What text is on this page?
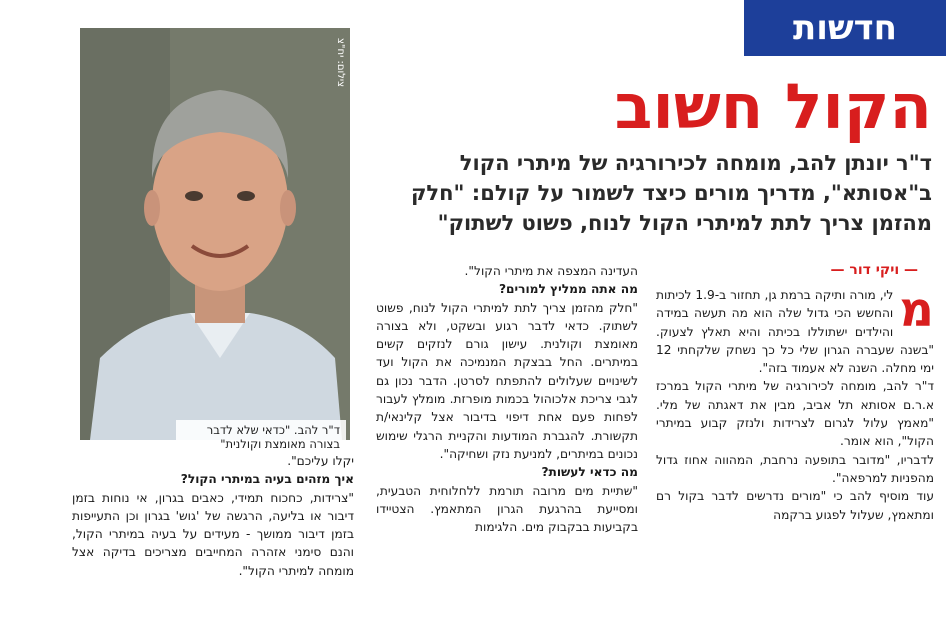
חדשות
הקול חשוב

ד"ר יונתן להב, מומחה לכירורגיה של מיתרי הקול ב"אסותא", מדריך מורים כיצד לשמור על קולם: "חלק מהזמן צריך לתת למיתרי הקול לנוח, פשוט לשתוק"

צילום: יח"צ
ד"ר להב. "כדאי שלא לדבר בצורה מאומצת וקולנית"
— ויקי דור —
מ

לי, מורה ותיקה ברמת גן, תחזור ב-1.9 לכיתות והחשש הכי גדול שלה הוא מה תעשה במידה והילדים ישתוללו בכיתה והיא תאלץ לצעוק. "בשנה שעברה הגרון שלי כל כך נשחק שלקחתי 12 ימי מחלה. השנה לא אעמוד בזה".

ד"ר להב, מומחה לכירורגיה של מיתרי הקול במרכז א.ר.ם אסותא תל אביב, מבין את דאגתה של מלי. "מאמץ עלול לגרום לצרידות ולנזק קבוע במיתרי הקול", הוא אומר.

לדבריו, "מדובר בתופעה נרחבת, המהווה אחוז גדול מהפניות למרפאה".

עוד מוסיף להב כי "מורים נדרשים לדבר בקול רם ומתאמץ, שעלול לפגוע ברקמה

העדינה המצפה את מיתרי הקול".

מה אתה ממליץ למורים?

"חלק מהזמן צריך לתת למיתרי הקול לנוח, פשוט לשתוק. כדאי לדבר רגוע ובשקט, ולא בצורה מאומצת וקולנית. עישון גורם לנזקים קשים במיתרים. החל בבצקת המנמיכה את הקול ועד לשינויים שעלולים להתפתח לסרטן. הדבר נכון גם לגבי צריכת אלכוהול בכמות מופרזת. מומלץ לעבור לפחות פעם אחת דיפוי בדיבור אצל קלינאי/ת תקשורת. להגברת המודעות והקניית הרגלי שימוש נכונים במיתרים, למניעת נזק ושחיקה".

מה כדאי לעשות?

"שתיית מים מרובה תורמת ללחלוחית הטבעית, ומסייעת בהרגעת הגרון המתאמץ. הצטיידו בקביעות בבקבוק מים. הלגימות

יקלו עליכם".

איך מזהים בעיה במיתרי הקול?

"צרידות, כחכוח תמידי, כאבים בגרון, אי נוחות בזמן דיבור או בליעה, הרגשה של 'גוש' בגרון וכן התעייפות בזמן דיבור ממושך - מעידים על בעיה במיתרי הקול, והנם סימני אזהרה המחייבים מצריכים בדיקה אצל מומחה למיתרי הקול".
